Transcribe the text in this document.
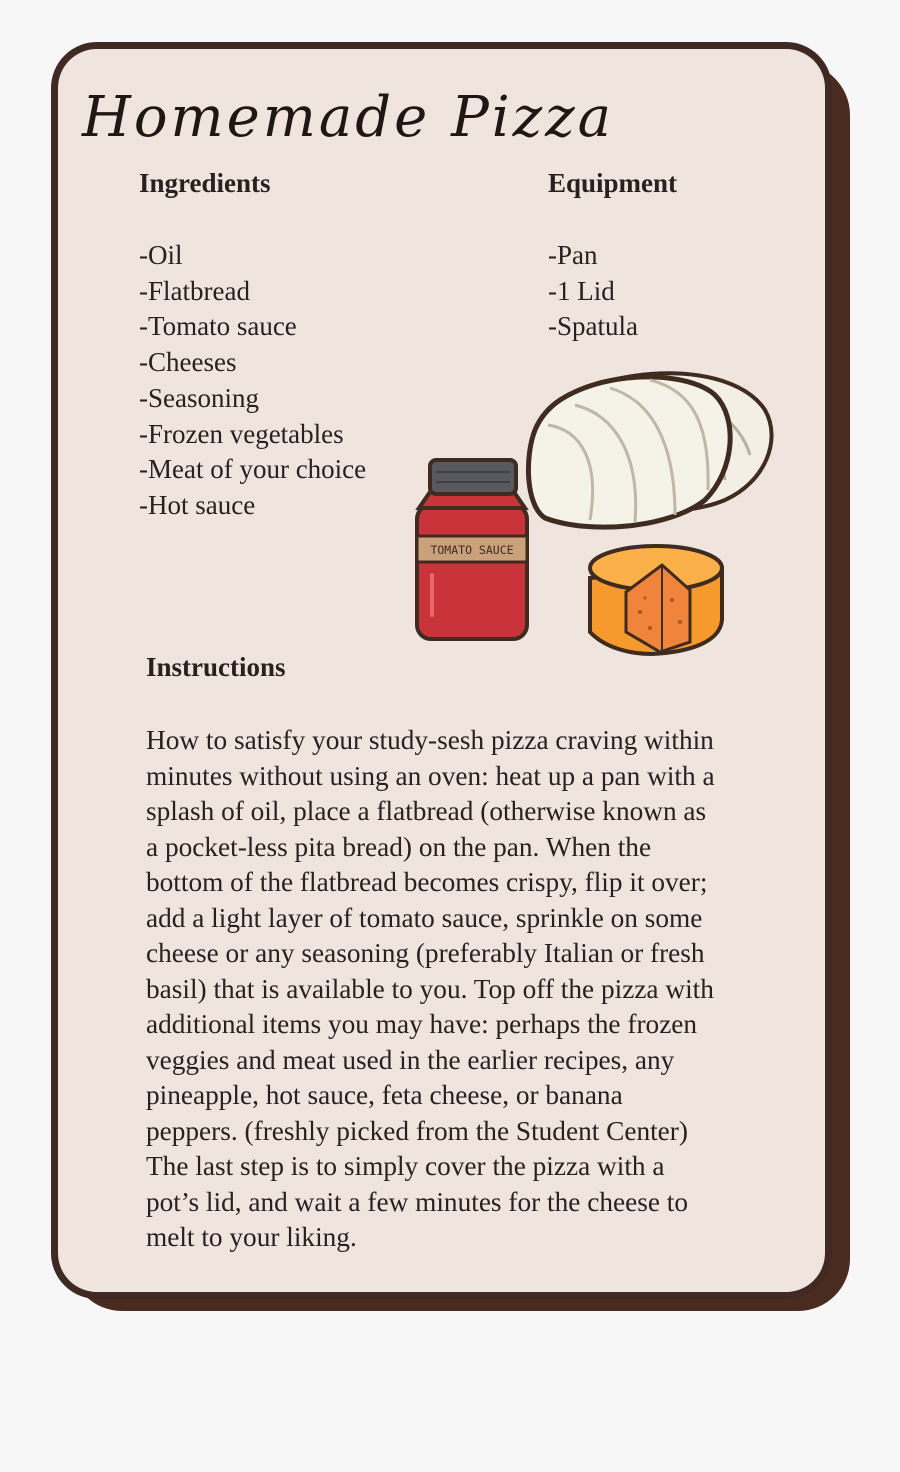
Homemade Pizza
Ingredients
-Oil
-Flatbread
-Tomato sauce
-Cheeses
-Seasoning
-Frozen vegetables
-Meat of your choice
-Hot sauce
Equipment
-Pan
-1 Lid
-Spatula
TOMATO SAUCE
Instructions

How to satisfy your study-sesh pizza craving within
minutes without using an oven: heat up a pan with a
splash of oil, place a flatbread (otherwise known as
a pocket-less pita bread) on the pan. When the
bottom of the flatbread becomes crispy, flip it over;
add a light layer of tomato sauce, sprinkle on some
cheese or any seasoning (preferably Italian or fresh
basil) that is available to you. Top off the pizza with
additional items you may have: perhaps the frozen
veggies and meat used in the earlier recipes, any
pineapple, hot sauce, feta cheese, or banana
peppers. (freshly picked from the Student Center)
The last step is to simply cover the pizza with a
pot’s lid, and wait a few minutes for the cheese to
melt to your liking.
